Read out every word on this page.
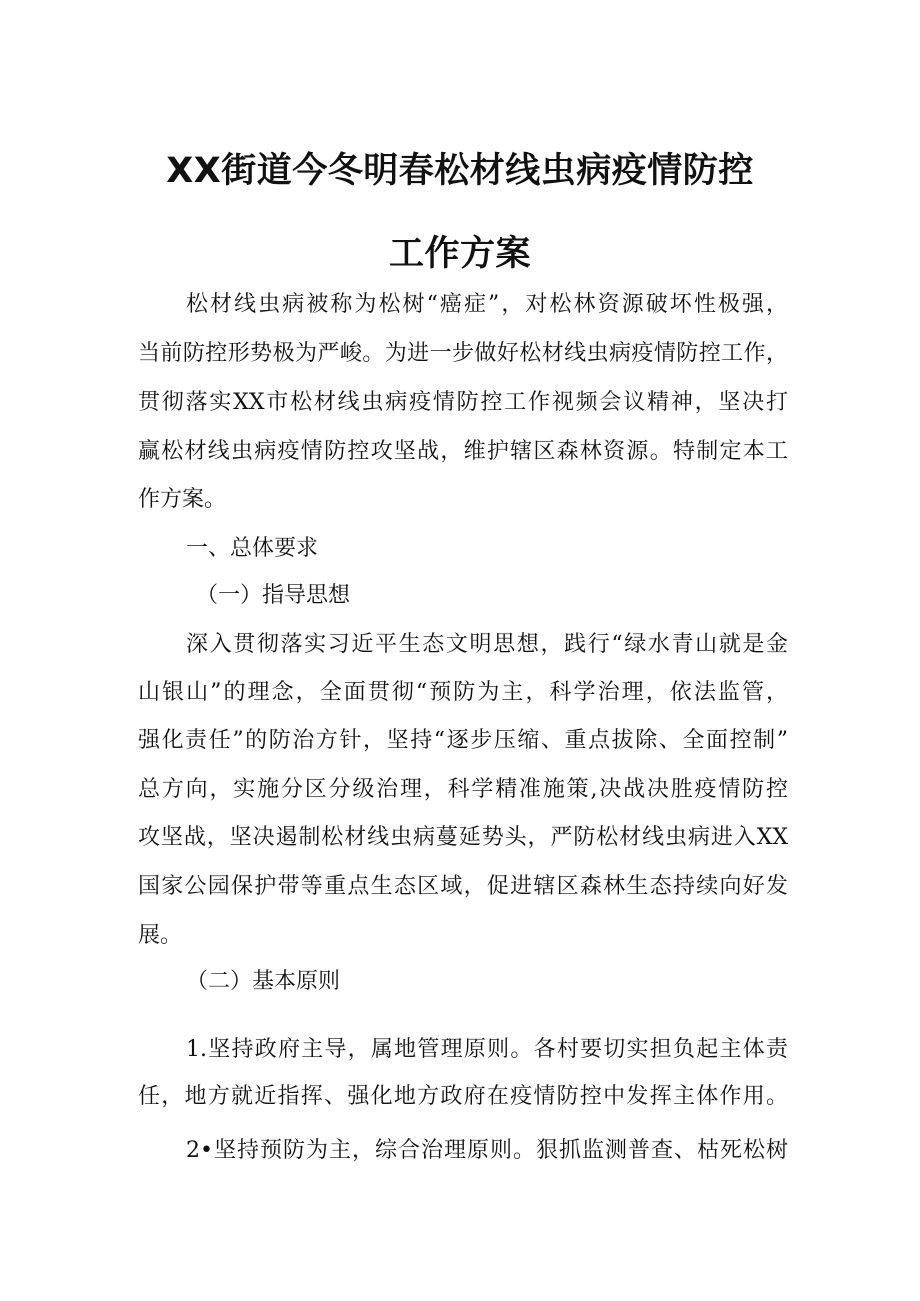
XX街道今冬明春松材线虫病疫情防控
工作方案
松材线虫病被称为松树“癌症”，对松林资源破坏性极强，
当前防控形势极为严峻。为进一步做好松材线虫病疫情防控工作，
贯彻落实XX市松材线虫病疫情防控工作视频会议精神，坚决打
赢松材线虫病疫情防控攻坚战，维护辖区森林资源。特制定本工
作方案。
一、总体要求
（一）指导思想
深入贯彻落实习近平生态文明思想，践行“绿水青山就是金
山银山”的理念，全面贯彻“预防为主，科学治理，依法监管，
强化责任”的防治方针，坚持“逐步压缩、重点拔除、全面控制”
总方向，实施分区分级治理，科学精准施策,决战决胜疫情防控
攻坚战，坚决遏制松材线虫病蔓延势头，严防松材线虫病进入XX
国家公园保护带等重点生态区域，促进辖区森林生态持续向好发
展。
（二）基本原则
1.坚持政府主导，属地管理原则。各村要切实担负起主体责
任，地方就近指挥、强化地方政府在疫情防控中发挥主体作用。
2•坚持预防为主，综合治理原则。狠抓监测普查、枯死松树
